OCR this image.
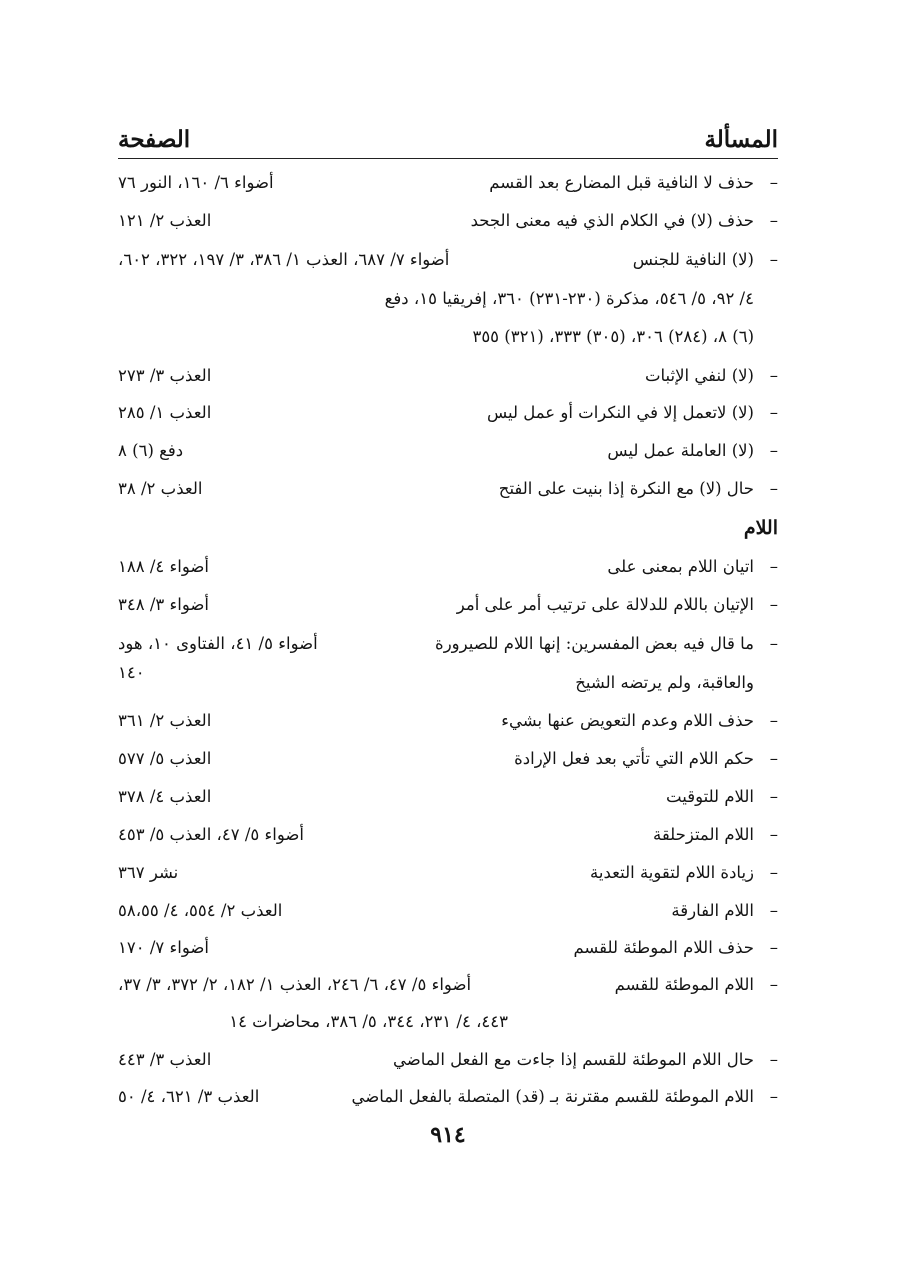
المسألة
الصفحة
–
حذف لا النافية قبل المضارع بعد القسم
أضواء ٦/ ١٦٠، النور ٧٦
–
حذف (لا) في الكلام الذي فيه معنى الجحد
العذب ٢/ ١٢١
–
(لا) النافية للجنس
أضواء ٧/ ٦٨٧، العذب ١/ ٣٨٦، ٣/ ١٩٧، ٣٢٢، ٦٠٢،
٤/ ٩٢، ٥/ ٥٤٦، مذكرة (٢٣٠-٢٣١) ٣٦٠، إفريقيا ١٥، دفع
(٦) ٨، (٢٨٤) ٣٠٦، (٣٠٥) ٣٣٣، (٣٢١) ٣٥٥
–
(لا) لنفي الإثبات
العذب ٣/ ٢٧٣
–
(لا) لاتعمل إلا في النكرات أو عمل ليس
العذب ١/ ٢٨٥
–
(لا) العاملة عمل ليس
دفع (٦) ٨
–
حال (لا) مع النكرة إذا بنيت على الفتح
العذب ٢/ ٣٨
اللام
–
اتيان اللام بمعنى على
أضواء ٤/ ١٨٨
–
الإتيان باللام للدلالة على ترتيب أمر على أمر
أضواء ٣/ ٣٤٨
–
ما قال فيه بعض المفسرين: إنها اللام للصيرورة
أضواء ٥/ ٤١، الفتاوى ١٠، هود
والعاقبة، ولم يرتضه الشيخ
١٤٠
–
حذف اللام وعدم التعويض عنها بشيء
العذب ٢/ ٣٦١
–
حكم اللام التي تأتي بعد فعل الإرادة
العذب ٥/ ٥٧٧
–
اللام للتوقيت
العذب ٤/ ٣٧٨
–
اللام المتزحلقة
أضواء ٥/ ٤٧، العذب ٥/ ٤٥٣
–
زيادة اللام لتقوية التعدية
نشر ٣٦٧
–
اللام الفارقة
العذب ٢/ ٥٥٤، ٤/ ٥٨،٥٥
–
حذف اللام الموطئة للقسم
أضواء ٧/ ١٧٠
–
اللام الموطئة للقسم
أضواء ٥/ ٤٧، ٦/ ٢٤٦، العذب ١/ ١٨٢، ٢/ ٣٧٢، ٣/ ٣٧،
٤٤٣، ٤/ ٢٣١، ٣٤٤، ٥/ ٣٨٦، محاضرات ١٤
–
حال اللام الموطئة للقسم إذا جاءت مع الفعل الماضي
العذب ٣/ ٤٤٣
–
اللام الموطئة للقسم مقترنة بـ (قد) المتصلة بالفعل الماضي
العذب ٣/ ٦٢١، ٤/ ٥٠
٩١٤
